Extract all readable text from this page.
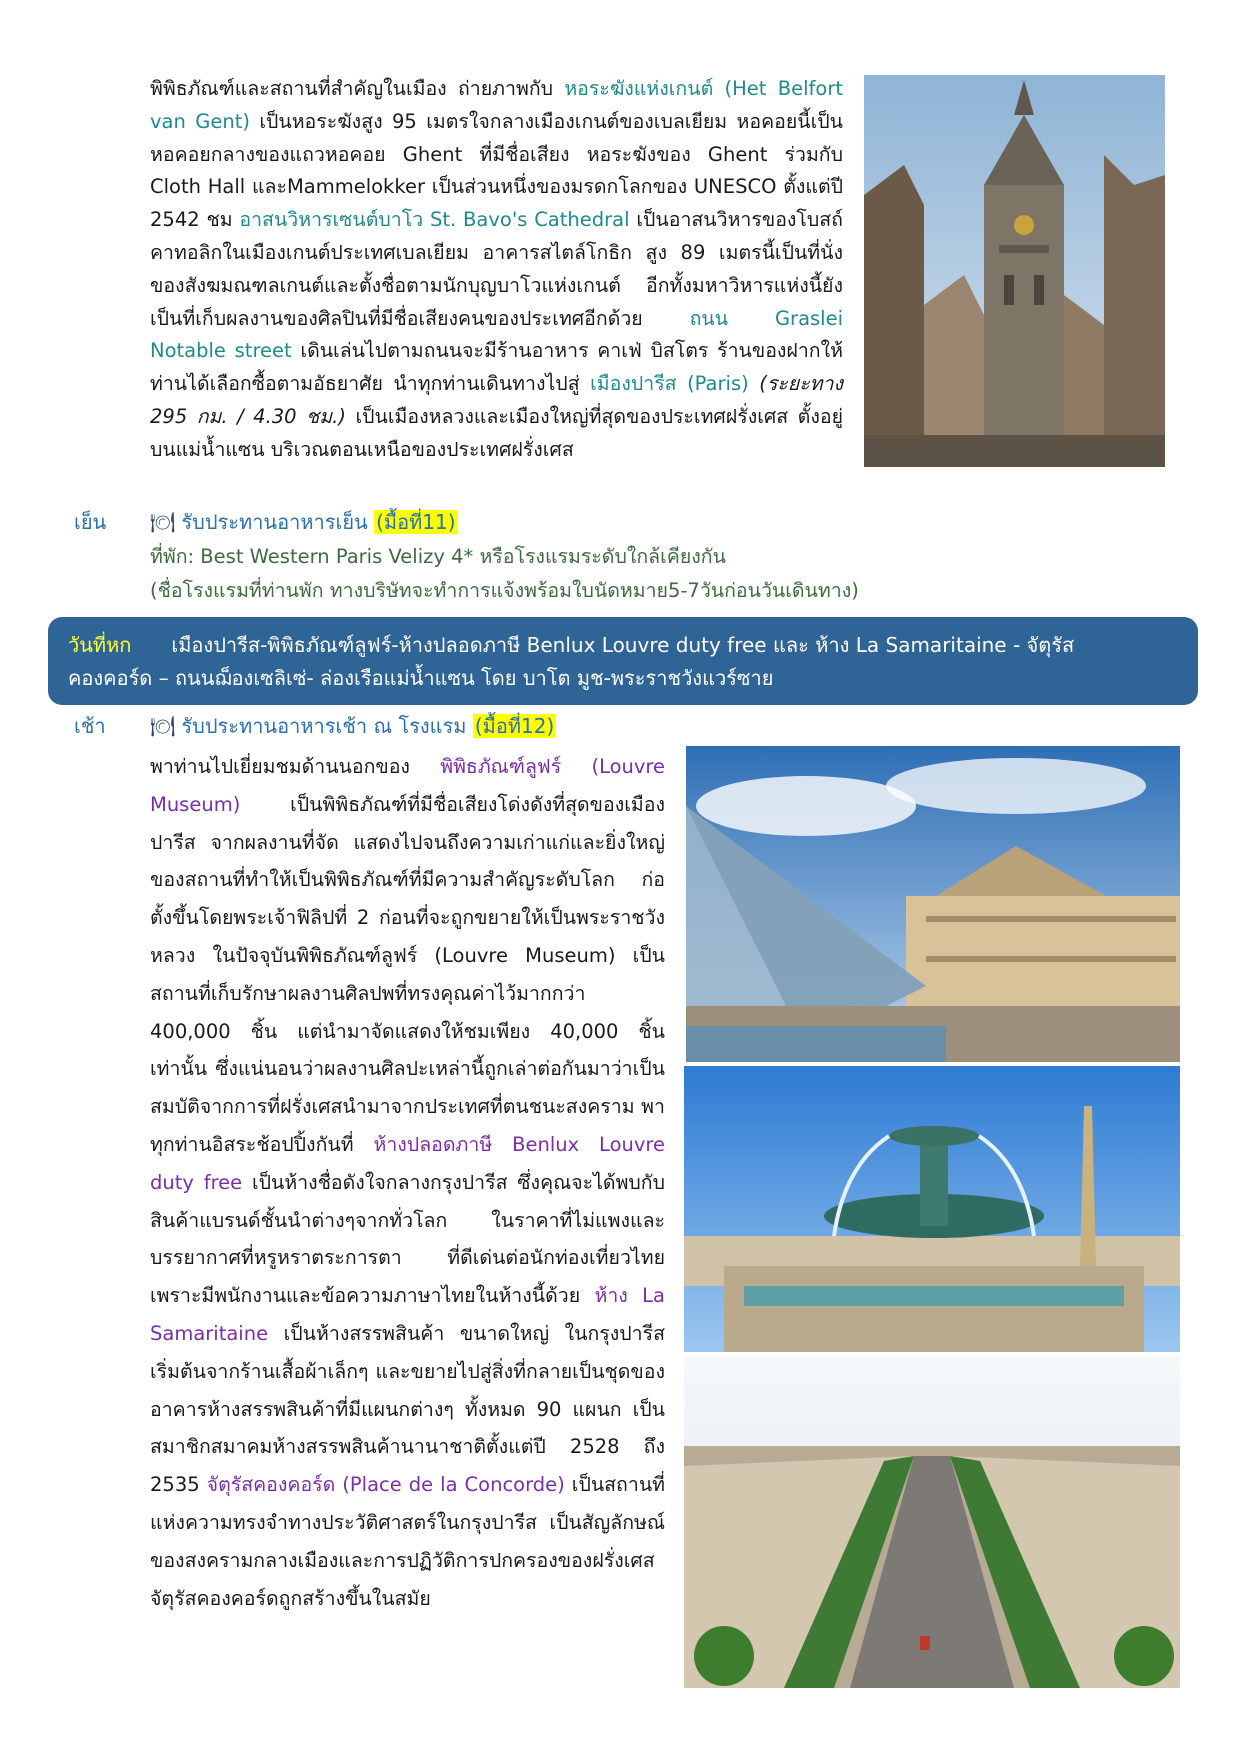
พิพิธภัณฑ์และสถานที่สำคัญในเมือง ถ่ายภาพกับ หอระฆังแห่งเกนต์ (Het Belfort van Gent) เป็นหอระฆังสูง 95 เมตรใจกลางเมืองเกนต์ของเบลเยียม หอคอยนี้เป็นหอคอยกลางของแถวหอคอย Ghent ที่มีชื่อเสียง หอระฆังของ Ghent ร่วมกับ Cloth Hall และMammelokker เป็นส่วนหนึ่งของมรดกโลกของ UNESCO ตั้งแต่ปี 2542 ชม อาสนวิหารเซนต์บาโว St. Bavo's Cathedral เป็นอาสนวิหารของโบสถ์คาทอลิกในเมืองเกนต์ประเทศเบลเยียม อาคารสไตล์โกธิก สูง 89 เมตรนี้เป็นที่นั่งของสังฆมณฑลเกนต์และตั้งชื่อตามนักบุญบาโวแห่งเกนต์ อีกทั้งมหาวิหารแห่งนี้ยังเป็นที่เก็บผลงานของศิลปินที่มีชื่อเสียงคนของประเทศอีกด้วย ถนน Graslei Notable street เดินเล่นไปตามถนนจะมีร้านอาหาร คาเฟ่ บิสโตร ร้านของฝากให้ท่านได้เลือกซื้อตามอัธยาศัย นำทุกท่านเดินทางไปสู่ เมืองปารีส (Paris) (ระยะทาง 295 กม. / 4.30 ชม.) เป็นเมืองหลวงและเมืองใหญ่ที่สุดของประเทศฝรั่งเศส ตั้งอยู่บนแม่น้ำแซน บริเวณตอนเหนือของประเทศฝรั่งเศส

เย็น 🍽 รับประทานอาหารเย็น (มื้อที่11)
ที่พัก: Best Western Paris Velizy 4* หรือโรงแรมระดับใกล้เคียงกัน
(ชื่อโรงแรมที่ท่านพัก ทางบริษัทจะทำการแจ้งพร้อมใบนัดหมาย5-7วันก่อนวันเดินทาง)
วันที่หก เมืองปารีส-พิพิธภัณฑ์ลูฟร์-ห้างปลอดภาษี Benlux Louvre duty free และ ห้าง La Samaritaine - จัตุรัส
คองคอร์ด – ถนนฌ็องเซลิเซ่- ล่องเรือแม่น้ำแซน โดย บาโต มูช-พระราชวังแวร์ซาย
เช้า 🍽 รับประทานอาหารเช้า ณ โรงแรม (มื้อที่12)

พาท่านไปเยี่ยมชมด้านนอกของ พิพิธภัณฑ์ลูฟร์ (Louvre Museum) เป็นพิพิธภัณฑ์ที่มีชื่อเสียงโด่งดังที่สุดของเมืองปารีส จากผลงานที่จัด แสดงไปจนถึงความเก่าแก่และยิ่งใหญ่ของสถานที่ทำให้เป็นพิพิธภัณฑ์ที่มีความสำคัญระดับโลก ก่อตั้งขึ้นโดยพระเจ้าฟิลิปที่ 2 ก่อนที่จะถูกขยายให้เป็นพระราชวังหลวง ในปัจจุบันพิพิธภัณฑ์ลูฟร์ (Louvre Museum) เป็นสถานที่เก็บรักษาผลงานศิลปพที่ทรงคุณค่าไว้มากกว่า 400,000 ชิ้น แต่นำมาจัดแสดงให้ชมเพียง 40,000 ชิ้นเท่านั้น ซึ่งแน่นอนว่าผลงานศิลปะเหล่านี้ถูกเล่าต่อกันมาว่าเป็นสมบัติจากการที่ฝรั่งเศสนำมาจากประเทศที่ตนชนะสงคราม พาทุกท่านอิสระช้อปปิ้งกันที่ ห้างปลอดภาษี Benlux Louvre duty free เป็นห้างชื่อดังใจกลางกรุงปารีส ซึ่งคุณจะได้พบกับสินค้าแบรนด์ชั้นนำต่างๆจากทั่วโลก ในราคาที่ไม่แพงและบรรยากาศที่หรูหราตระการตา ที่ดีเด่นต่อนักท่องเที่ยวไทย เพราะมีพนักงานและข้อความภาษาไทยในห้างนี้ด้วย ห้าง La Samaritaine เป็นห้างสรรพสินค้า ขนาดใหญ่ ในกรุงปารีส เริ่มต้นจากร้านเสื้อผ้าเล็กๆ และขยายไปสู่สิ่งที่กลายเป็นชุดของอาคารห้างสรรพสินค้าที่มีแผนกต่างๆ ทั้งหมด 90 แผนก เป็นสมาชิกสมาคมห้างสรรพสินค้านานาชาติตั้งแต่ปี 2528 ถึง 2535 จัตุรัสคองคอร์ด (Place de la Concorde) เป็นสถานที่แห่งความทรงจำทางประวัติศาสตร์ในกรุงปารีส เป็นสัญลักษณ์ของสงครามกลางเมืองและการปฏิวัติการปกครองของฝรั่งเศส จัตุรัสคองคอร์ดถูกสร้างขึ้นในสมัย
